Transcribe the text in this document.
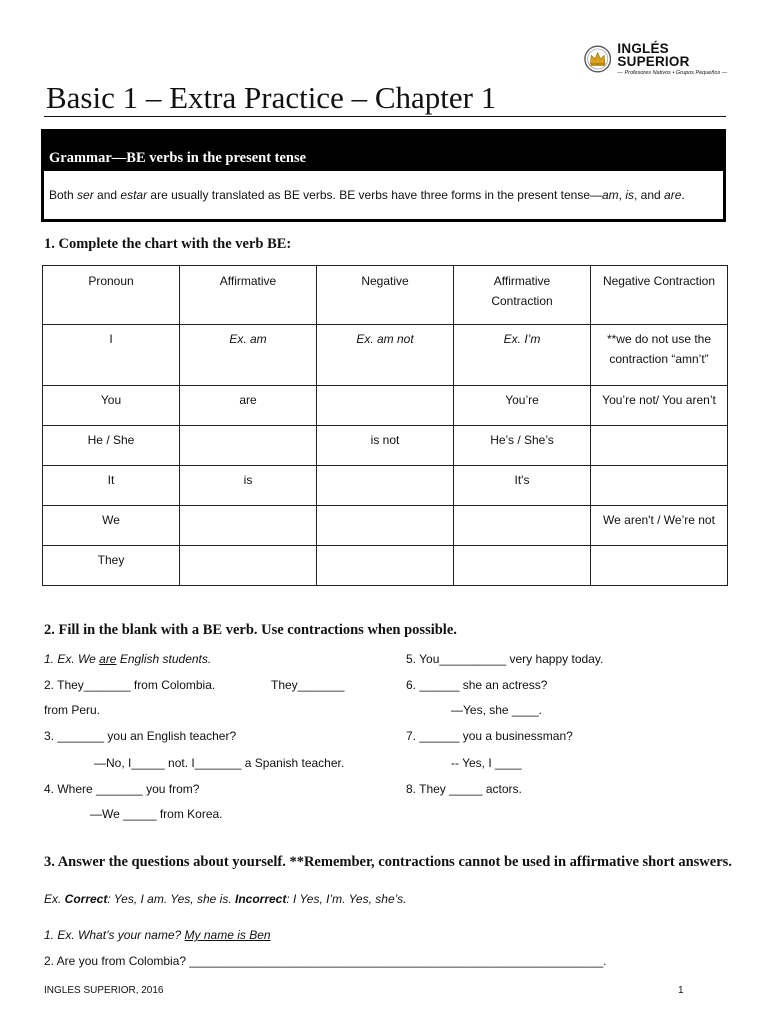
INGLÉS SUPERIOR
— Profesores Nativos • Grupos Pequeños —
Basic 1 – Extra Practice – Chapter 1
Grammar—BE verbs in the present tense
Both ser and estar are usually translated as BE verbs. BE verbs have three forms in the present tense—am, is, and are.
1. Complete the chart with the verb BE:
Pronoun	Affirmative	Negative	Affirmative Contraction	Negative Contraction
I	Ex. am	Ex. am not	Ex. I’m	**we do not use the contraction “amn’t”
You	are		You’re	You’re not/ You aren’t
He / She		is not	He’s / She’s	
It	is		It's	
We				We aren't / We’re not
They				
2. Fill in the blank with a BE verb. Use contractions when possible.
1. Ex. We are English students.
2. They_______ from Colombia.	They_______
from Peru.
3. _______ you an English teacher?
—No, I_____ not. I_______ a Spanish teacher.
4. Where _______ you from?
—We _____ from Korea.
5. You__________ very happy today.
6. ______ she an actress?
—Yes, she ____.
7. ______ you a businessman?
-- Yes, I ____
8. They _____ actors.
3. Answer the questions about yourself. **Remember, contractions cannot be used in affirmative short answers.
Ex. Correct: Yes, I am. Yes, she is. Incorrect: I Yes, I’m. Yes, she’s.
1. Ex. What’s your name? My name is Ben
2. Are you from Colombia? ______________________________________________________________.
INGLES SUPERIOR, 2016	1
